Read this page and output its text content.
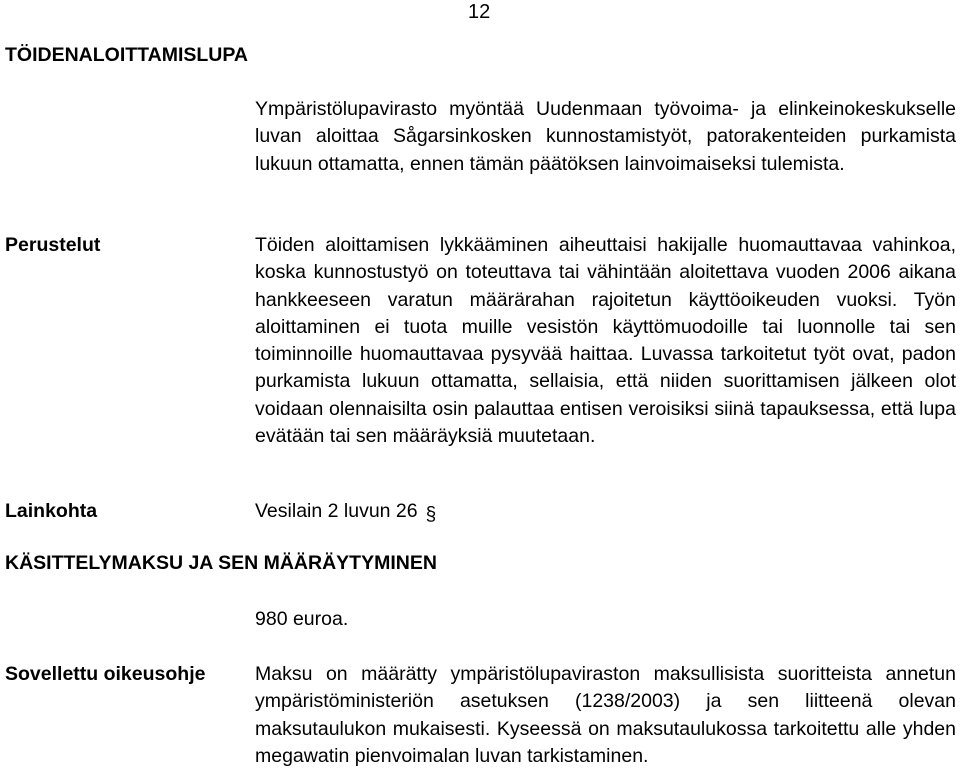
12
TÖIDENALOITTAMISLUPA

Ympäristölupavirasto myöntää Uudenmaan työvoima- ja elinkeinokeskukselle luvan aloittaa Sågarsinkosken kunnostamistyöt, patorakenteiden purkamista lukuun ottamatta, ennen tämän päätöksen lainvoimaiseksi tulemista.

Perustelut	Töiden aloittamisen lykkääminen aiheuttaisi hakijalle huomauttavaa vahinkoa, koska kunnostustyö on toteuttava tai vähintään aloitettava vuoden 2006 aikana hankkeeseen varatun määrärahan rajoitetun käyttöoikeuden vuoksi. Työn aloittaminen ei tuota muille vesistön käyttömuodoille tai luonnolle tai sen toiminnoille huomauttavaa pysyvää haittaa. Luvassa tarkoitetut työt ovat, padon purkamista lukuun ottamatta, sellaisia, että niiden suorittamisen jälkeen olot voidaan olennaisilta osin palauttaa entisen veroisiksi siinä tapauksessa, että lupa evätään tai sen määräyksiä muutetaan.

Lainkohta	Vesilain 2 luvun 26 §
KÄSITTELYMAKSU JA SEN MÄÄRÄYTYMINEN
980 euroa.
Sovellettu oikeusohje	Maksu on määrätty ympäristölupaviraston maksullisista suoritteista annetun ympäristöministeriön asetuksen (1238/2003) ja sen liitteenä olevan maksutaulukon mukaisesti. Kyseessä on maksutaulukossa tarkoitettu alle yhden megawatin pienvoimalan luvan tarkistaminen.
